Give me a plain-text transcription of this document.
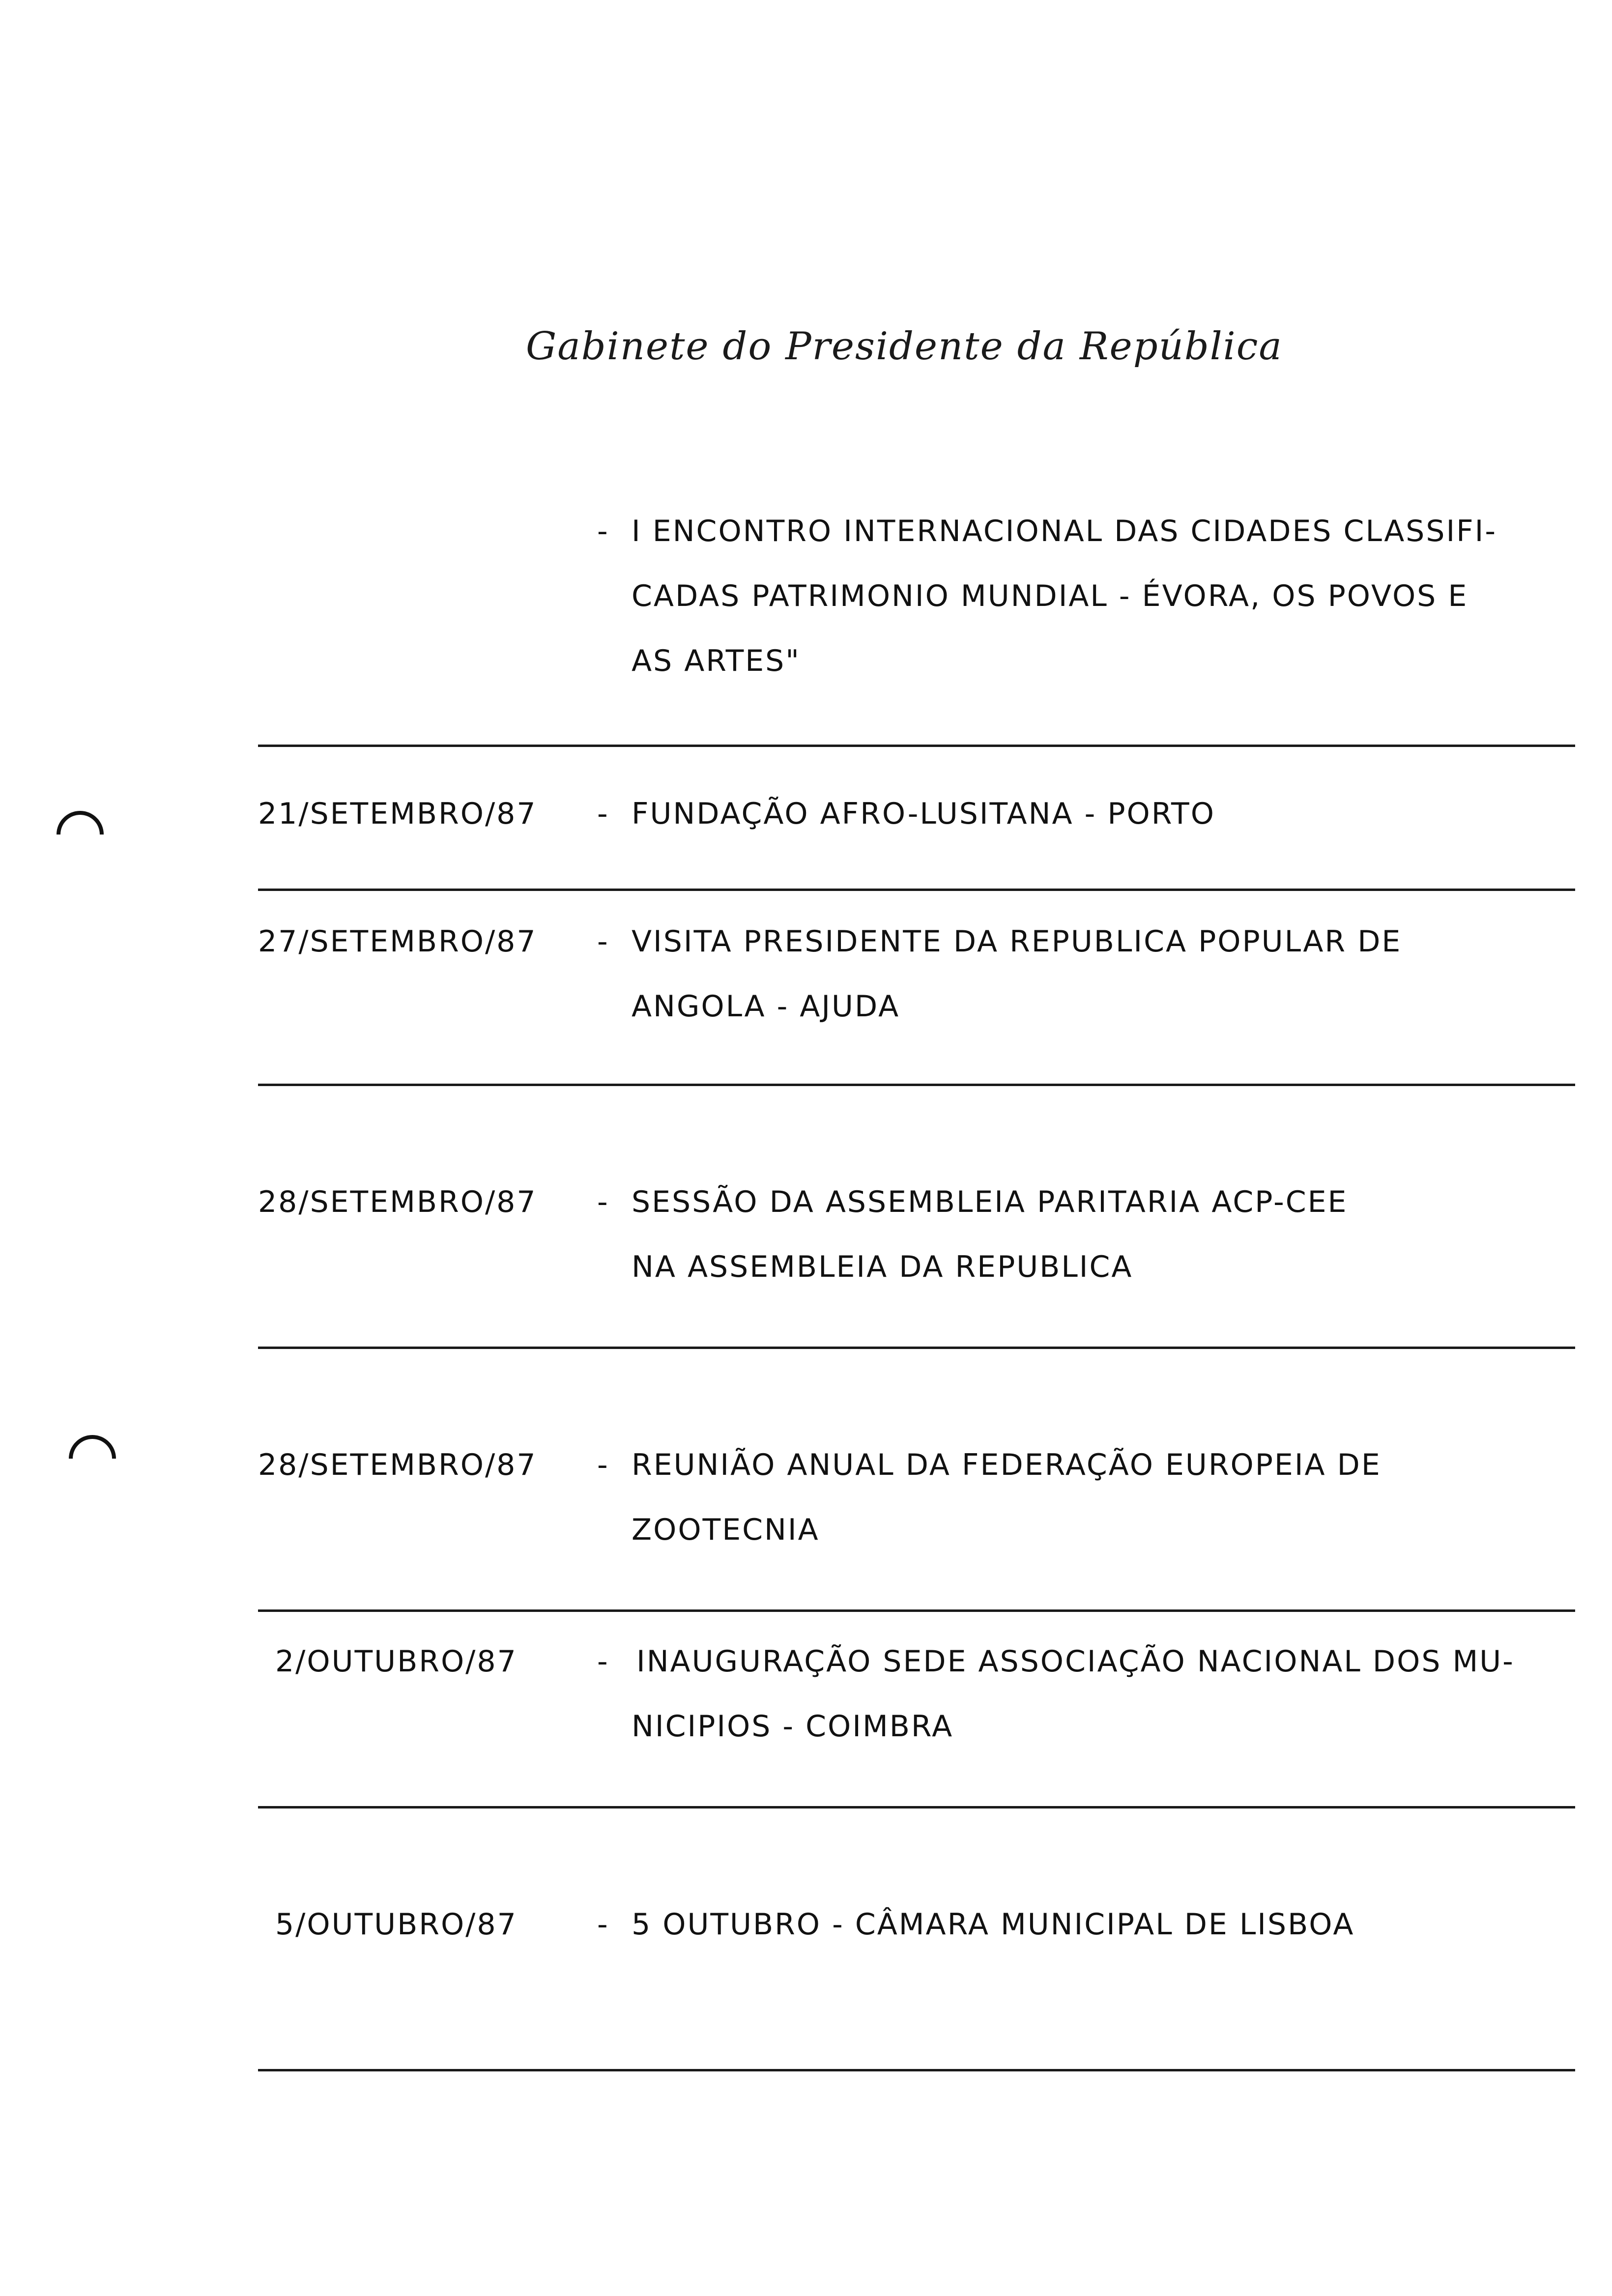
Gabinete do Presidente da República
- I ENCONTRO INTERNACIONAL DAS CIDADES CLASSIFI-
CADAS PATRIMONIO MUNDIAL - ÉVORA, OS POVOS E
AS ARTES"
21/SETEMBRO/87 - FUNDAÇÃO AFRO-LUSITANA - PORTO
27/SETEMBRO/87 - VISITA PRESIDENTE DA REPUBLICA POPULAR DE
ANGOLA - AJUDA
28/SETEMBRO/87 - SESSÃO DA ASSEMBLEIA PARITARIA ACP-CEE
NA ASSEMBLEIA DA REPUBLICA
28/SETEMBRO/87 - REUNIÃO ANUAL DA FEDERAÇÃO EUROPEIA DE
ZOOTECNIA
2/OUTUBRO/87	- INAUGURAÇÃO SEDE ASSOCIAÇÃO NACIONAL DOS MU-
NICIPIOS - COIMBRA
5/OUTUBRO/87	- 5 OUTUBRO - CÂMARA MUNICIPAL DE LISBOA
